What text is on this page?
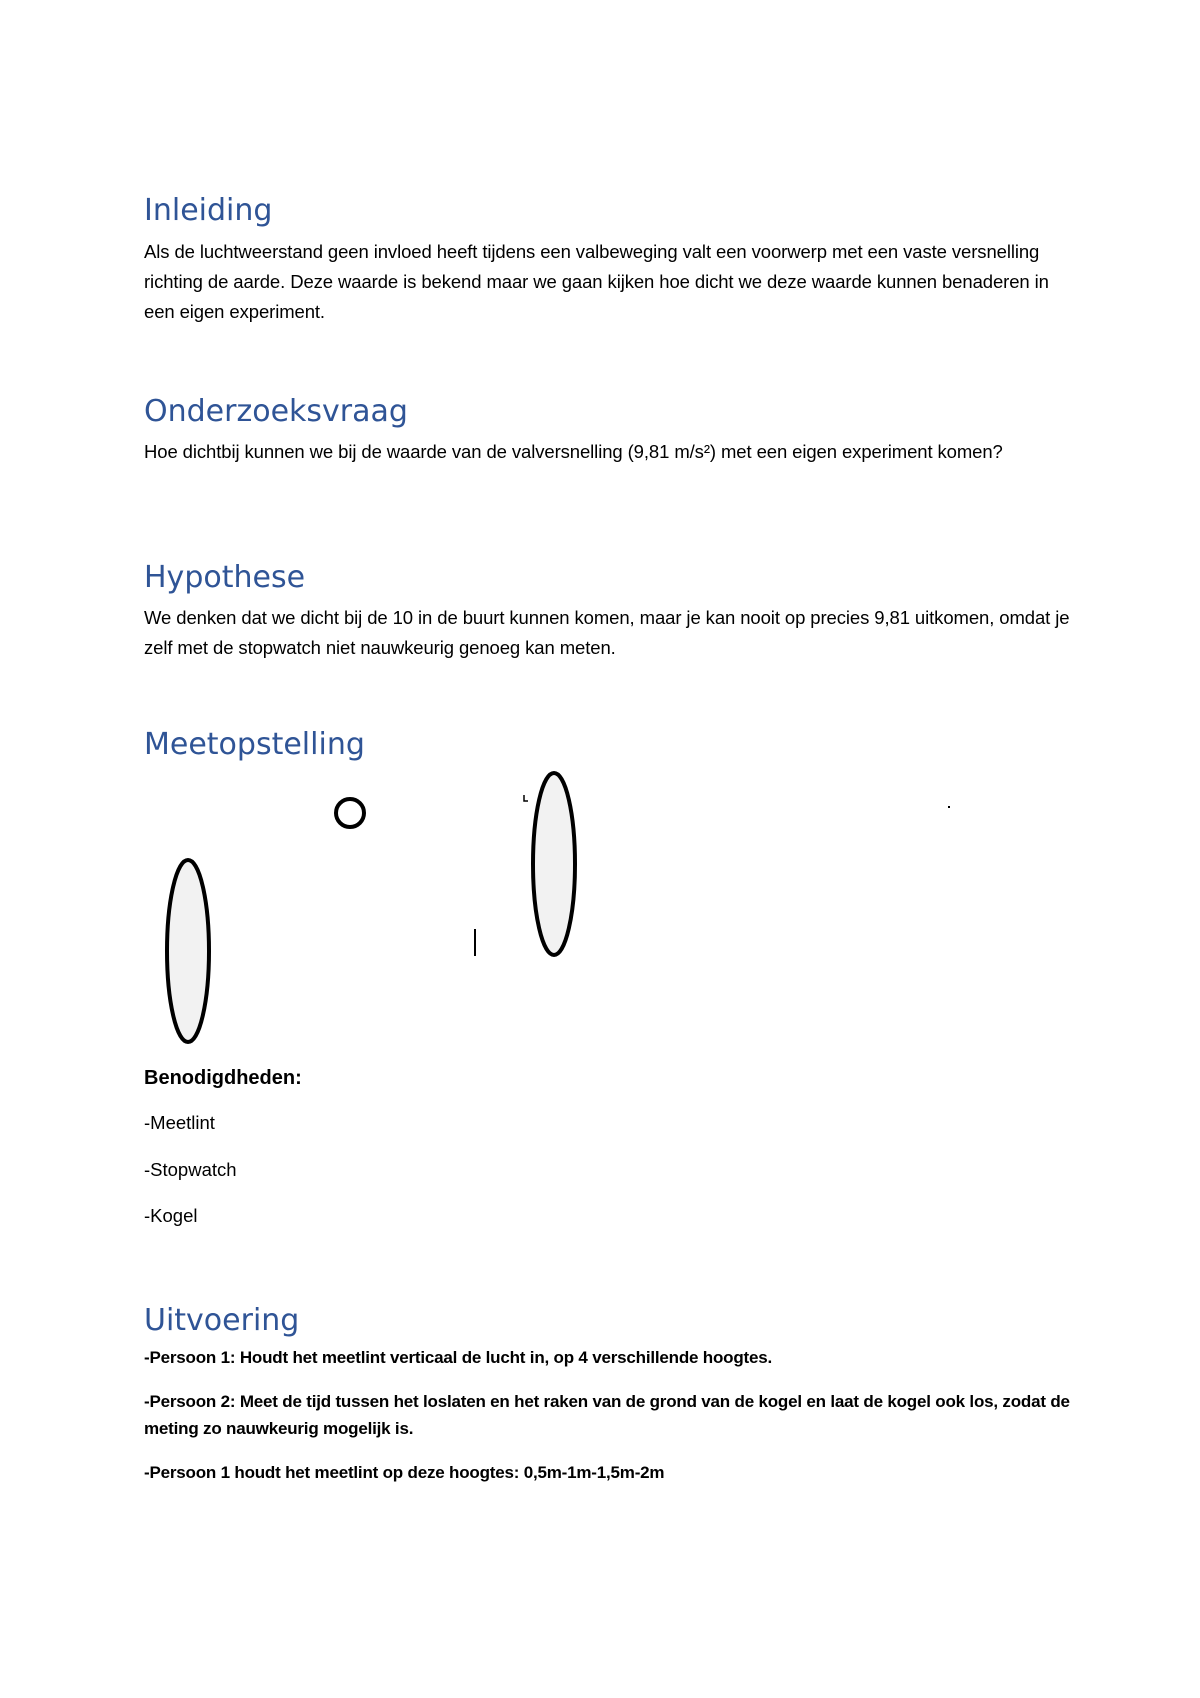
Inleiding

Als de luchtweerstand geen invloed heeft tijdens een valbeweging valt een voorwerp met een vaste versnelling richting de aarde. Deze waarde is bekend maar we gaan kijken hoe dicht we deze waarde kunnen benaderen in een eigen experiment.

Onderzoeksvraag

Hoe dichtbij kunnen we bij de waarde van de valversnelling (9,81 m/s²) met een eigen experiment komen?

Hypothese

We denken dat we dicht bij de 10 in de buurt kunnen komen, maar je kan nooit op precies 9,81 uitkomen, omdat je zelf met de stopwatch niet nauwkeurig genoeg kan meten.

Meetopstelling
Benodigdheden:

-Meetlint

-Stopwatch

-Kogel

Uitvoering

-Persoon 1: Houdt het meetlint verticaal de lucht in, op 4 verschillende hoogtes.

-Persoon 2: Meet de tijd tussen het loslaten en het raken van de grond van de kogel en laat de kogel ook los, zodat de meting zo nauwkeurig mogelijk is.

-Persoon 1 houdt het meetlint op deze hoogtes: 0,5m-1m-1,5m-2m
